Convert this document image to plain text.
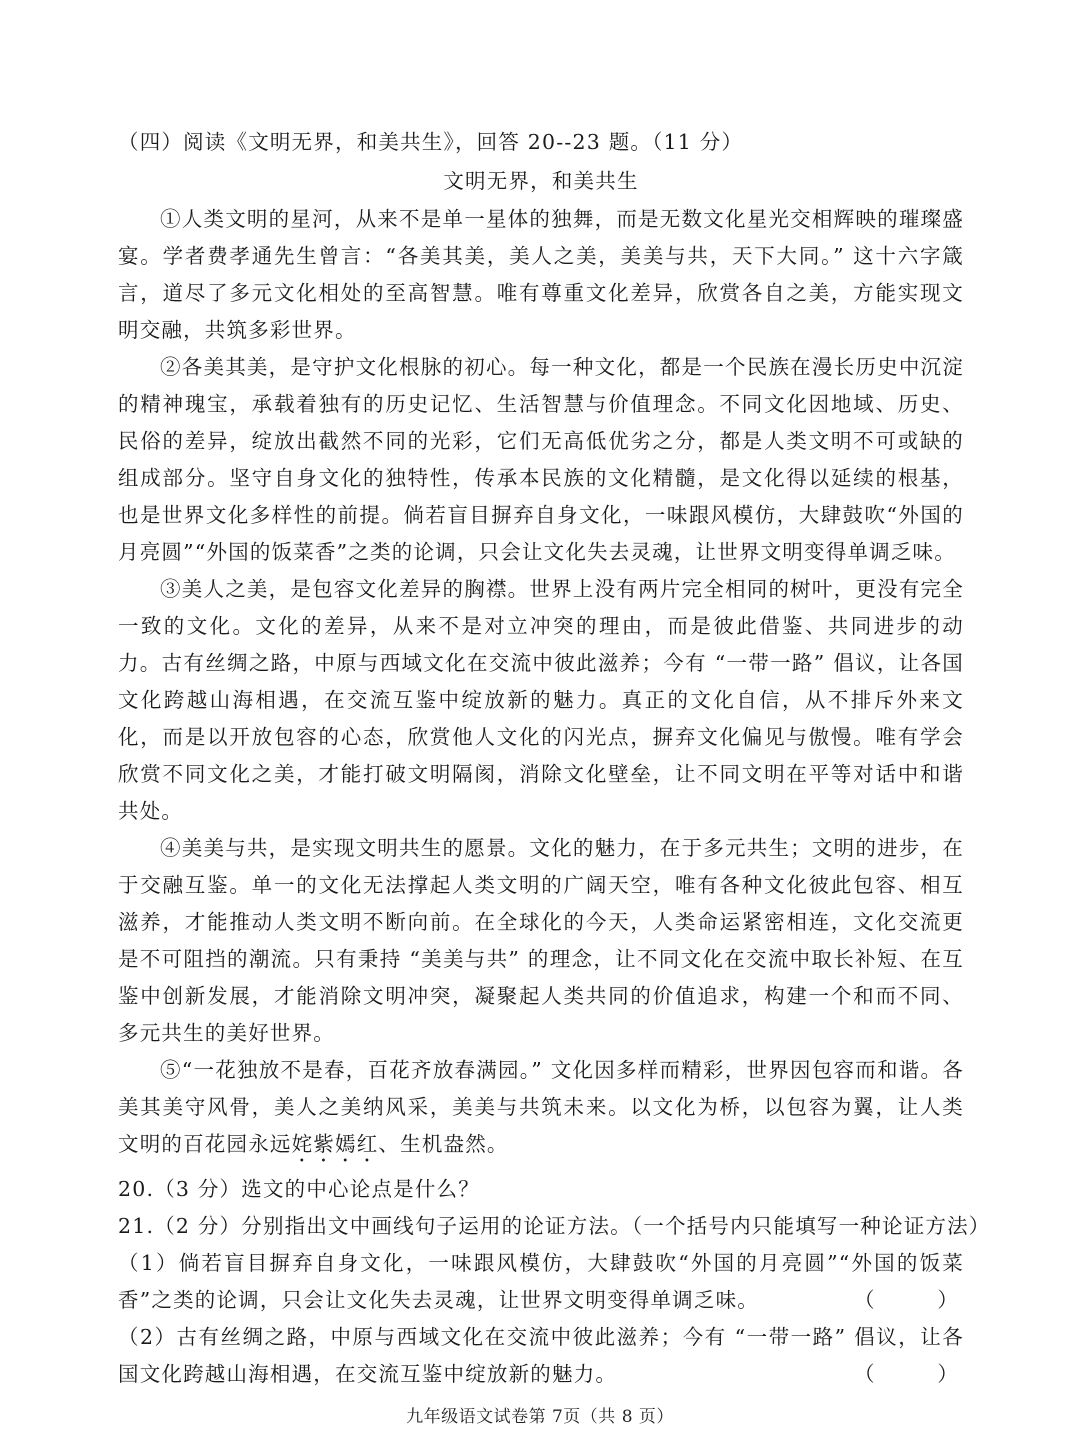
（四）阅读《文明无界，和美共生》，回答 20--23 题。（11 分）

文明无界，和美共生

①人类文明的星河，从来不是单一星体的独舞，而是无数文化星光交相辉映的璀璨盛宴。学者费孝通先生曾言：“各美其美，美人之美，美美与共，天下大同。” 这十六字箴言，道尽了多元文化相处的至高智慧。唯有尊重文化差异，欣赏各自之美，方能实现文明交融，共筑多彩世界。

②各美其美，是守护文化根脉的初心。每一种文化，都是一个民族在漫长历史中沉淀的精神瑰宝，承载着独有的历史记忆、生活智慧与价值理念。不同文化因地域、历史、民俗的差异，绽放出截然不同的光彩，它们无高低优劣之分，都是人类文明不可或缺的组成部分。坚守自身文化的独特性，传承本民族的文化精髓，是文化得以延续的根基，也是世界文化多样性的前提。倘若盲目摒弃自身文化，一味跟风模仿，大肆鼓吹“外国的月亮圆”“外国的饭菜香”之类的论调，只会让文化失去灵魂，让世界文明变得单调乏味。

③美人之美，是包容文化差异的胸襟。世界上没有两片完全相同的树叶，更没有完全一致的文化。文化的差异，从来不是对立冲突的理由，而是彼此借鉴、共同进步的动力。古有丝绸之路，中原与西域文化在交流中彼此滋养；今有 “一带一路” 倡议，让各国文化跨越山海相遇，在交流互鉴中绽放新的魅力。真正的文化自信，从不排斥外来文化，而是以开放包容的心态，欣赏他人文化的闪光点，摒弃文化偏见与傲慢。唯有学会欣赏不同文化之美，才能打破文明隔阂，消除文化壁垒，让不同文明在平等对话中和谐共处。

④美美与共，是实现文明共生的愿景。文化的魅力，在于多元共生；文明的进步，在于交融互鉴。单一的文化无法撑起人类文明的广阔天空，唯有各种文化彼此包容、相互滋养，才能推动人类文明不断向前。在全球化的今天，人类命运紧密相连，文化交流更是不可阻挡的潮流。只有秉持 “美美与共” 的理念，让不同文化在交流中取长补短、在互鉴中创新发展，才能消除文明冲突，凝聚起人类共同的价值追求，构建一个和而不同、多元共生的美好世界。

⑤“一花独放不是春，百花齐放春满园。” 文化因多样而精彩，世界因包容而和谐。各美其美守风骨，美人之美纳风采，美美与共筑未来。以文化为桥，以包容为翼，让人类文明的百花园永远姹紫嫣红、生机盎然。

20.（3 分）选文的中心论点是什么？

21.（2 分）分别指出文中画线句子运用的论证方法。（一个括号内只能填写一种论证方法）

（1）倘若盲目摒弃自身文化，一味跟风模仿，大肆鼓吹“外国的月亮圆”“外国的饭菜香”之类的论调，只会让文化失去灵魂，让世界文明变得单调乏味。	（        ）

（2）古有丝绸之路，中原与西域文化在交流中彼此滋养；今有 “一带一路” 倡议，让各国文化跨越山海相遇，在交流互鉴中绽放新的魅力。	（        ）

九年级语文试卷第 7页（共 8 页）
